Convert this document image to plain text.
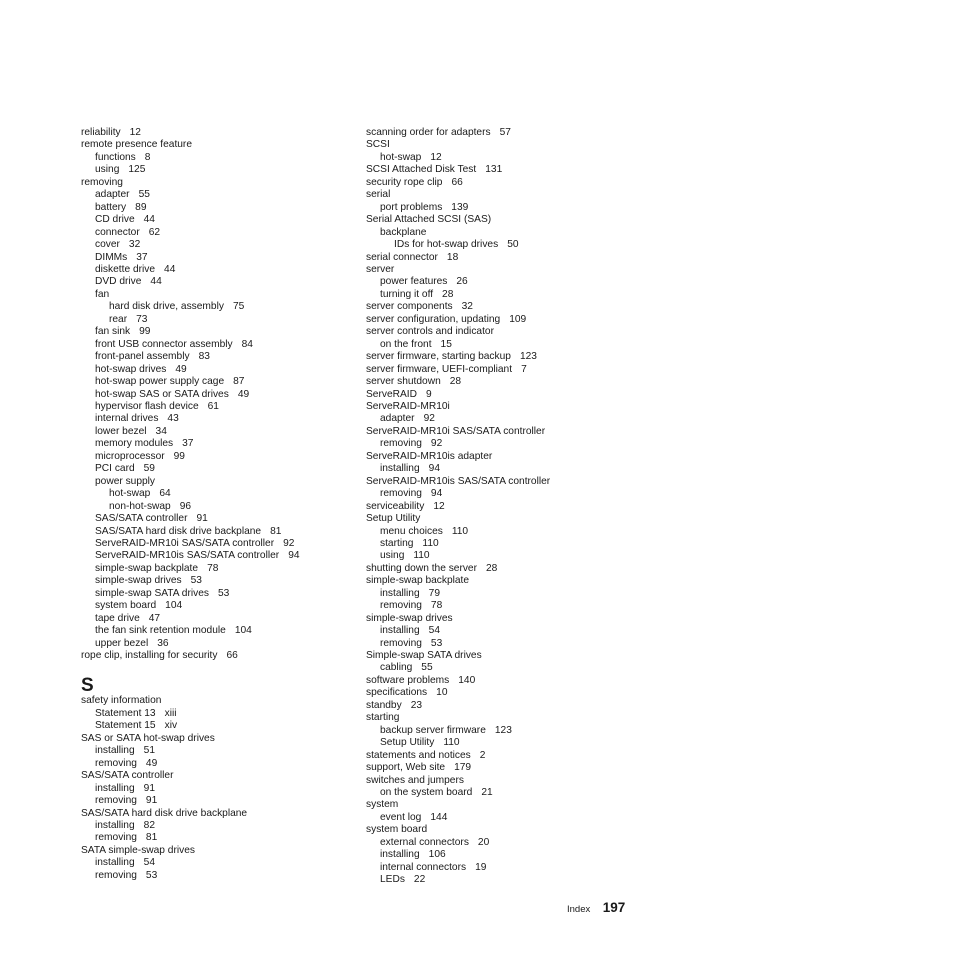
reliability 12
remote presence feature
functions 8
using 125
removing
adapter 55
battery 89
CD drive 44
connector 62
cover 32
DIMMs 37
diskette drive 44
DVD drive 44
fan
hard disk drive, assembly 75
rear 73
fan sink 99
front USB connector assembly 84
front-panel assembly 83
hot-swap drives 49
hot-swap power supply cage 87
hot-swap SAS or SATA drives 49
hypervisor flash device 61
internal drives 43
lower bezel 34
memory modules 37
microprocessor 99
PCI card 59
power supply
hot-swap 64
non-hot-swap 96
SAS/SATA controller 91
SAS/SATA hard disk drive backplane 81
ServeRAID-MR10i SAS/SATA controller 92
ServeRAID-MR10is SAS/SATA controller 94
simple-swap backplate 78
simple-swap drives 53
simple-swap SATA drives 53
system board 104
tape drive 47
the fan sink retention module 104
upper bezel 36
rope clip, installing for security 66
S
safety information
Statement 13 xiii
Statement 15 xiv
SAS or SATA hot-swap drives
installing 51
removing 49
SAS/SATA controller
installing 91
removing 91
SAS/SATA hard disk drive backplane
installing 82
removing 81
SATA simple-swap drives
installing 54
removing 53
scanning order for adapters 57
SCSI
hot-swap 12
SCSI Attached Disk Test 131
security rope clip 66
serial
port problems 139
Serial Attached SCSI (SAS)
backplane
IDs for hot-swap drives 50
serial connector 18
server
power features 26
turning it off 28
server components 32
server configuration, updating 109
server controls and indicator
on the front 15
server firmware, starting backup 123
server firmware, UEFI-compliant 7
server shutdown 28
ServeRAID 9
ServeRAID-MR10i
adapter 92
ServeRAID-MR10i SAS/SATA controller
removing 92
ServeRAID-MR10is adapter
installing 94
ServeRAID-MR10is SAS/SATA controller
removing 94
serviceability 12
Setup Utility
menu choices 110
starting 110
using 110
shutting down the server 28
simple-swap backplate
installing 79
removing 78
simple-swap drives
installing 54
removing 53
Simple-swap SATA drives
cabling 55
software problems 140
specifications 10
standby 23
starting
backup server firmware 123
Setup Utility 110
statements and notices 2
support, Web site 179
switches and jumpers
on the system board 21
system
event log 144
system board
external connectors 20
installing 106
internal connectors 19
LEDs 22
Index 197
